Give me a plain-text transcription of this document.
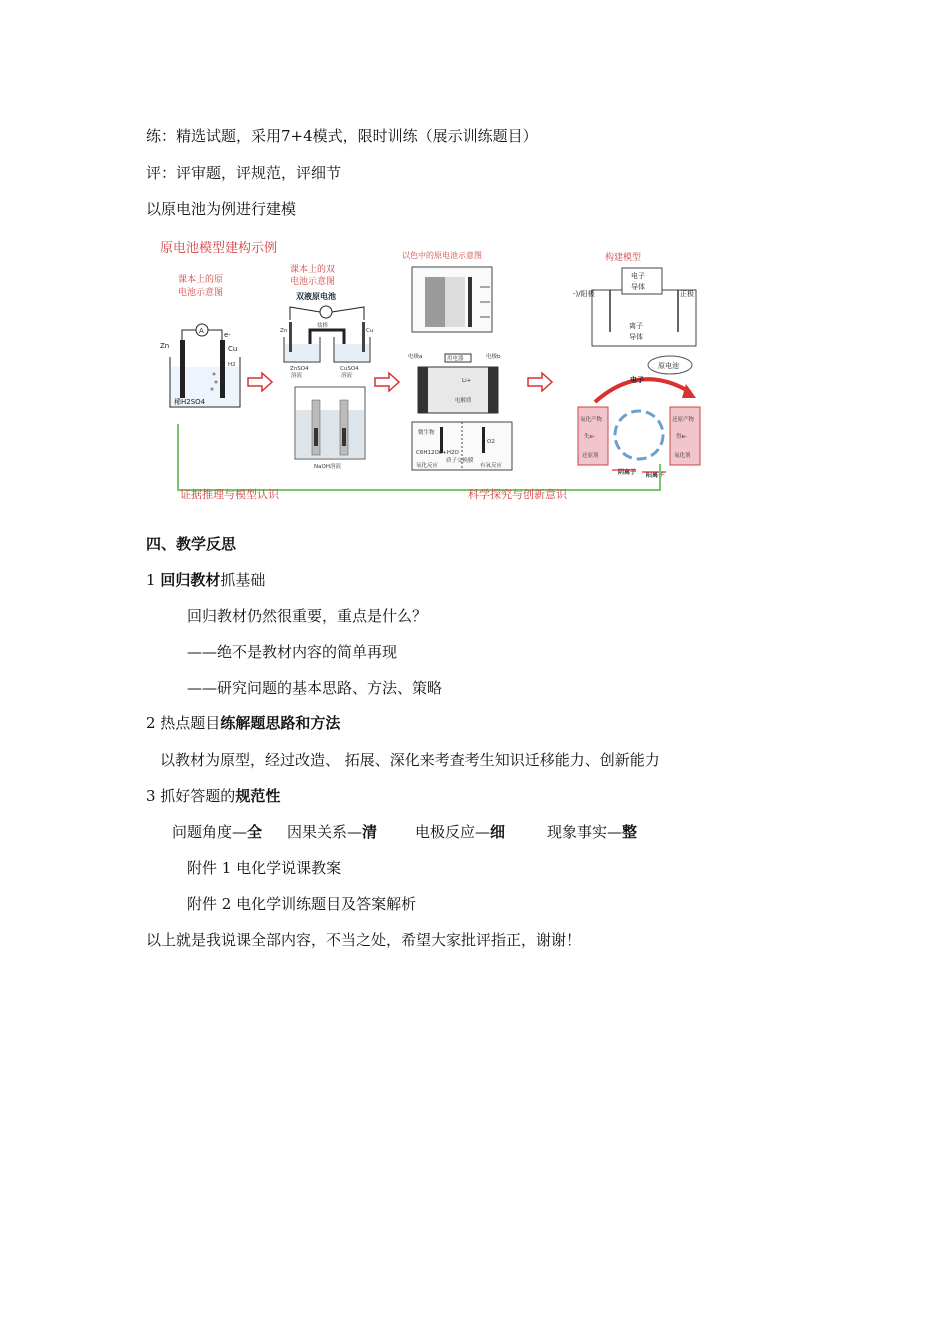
练：精选试题，采用7+4模式，限时训练（展示训练题目）
评：评审题，评规范，评细节
以原电池为例进行建模
原电池模型建构示例
课本上的原
电池示意图
A	e-
Zn	Cu
H2
稀H2SO4
课本上的双
电池示意图
双液原电池
盐桥
Zn	Cu
ZnSO4
溶液
CuSO4
溶液
NaOH溶液
以色中的原电池示意图
用电器
电极a	电极b
Li+
电解质
微生物
O2
C6H12O6+H2O
质子交换膜
氧化反应	有氧反应
构建模型
电子
导体
离子
导体
-)/阳极	正极
原电池
电子
氧化产物
失e-
还原剂
还原产物
得e-
氧化剂
阴离子 阳离子
证据推理与模型认识	科学探究与创新意识
四、教学反思
1 回归教材抓基础
回归教材仍然很重要，重点是什么？
——绝不是教材内容的简单再现
——研究问题的基本思路、方法、策略
2 热点题目练解题思路和方法
以教材为原型，经过改造、 拓展、深化来考查考生知识迁移能力、创新能力
3 抓好答题的规范性
问题角度—全 因果关系—清	电极反应—细	现象事实—整
附件 1 电化学说课教案
附件 2 电化学训练题目及答案解析
以上就是我说课全部内容，不当之处，希望大家批评指正，谢谢！
